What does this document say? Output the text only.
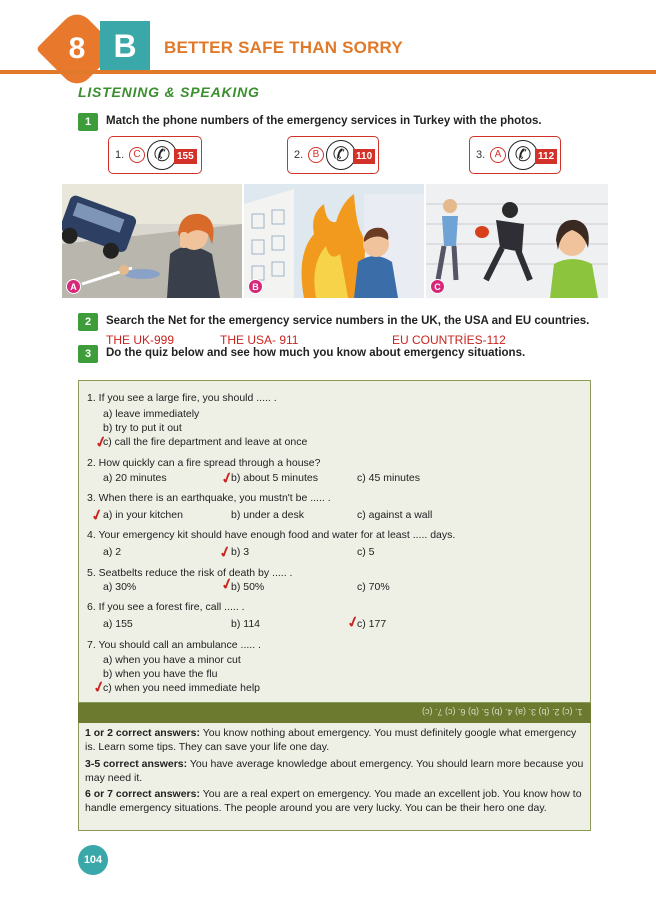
8 B	BETTER SAFE THAN SORRY
LISTENING & SPEAKING
1	Match the phone numbers of the emergency services in Turkey with the photos.
1. C ✆ 155	2. B ✆ 110	3. A ✆ 112
A	B	C
2	Search the Net for the emergency service numbers in the UK, the USA and EU countries.
THE UK-999	THE USA- 911	EU COUNTRİES-112
3	Do the quiz below and see how much you know about emergency situations.
1. If you see a large fire, you should ..... .
a) leave immediately
b) try to put it out
c) call the fire department and leave at once
✓
2. How quickly can a fire spread through a house?
a) 20 minutes	b) about 5 minutes	c) 45 minutes
✓
3. When there is an earthquake, you mustn't be ..... .
a) in your kitchen	b) under a desk	c) against a wall
✓
4. Your emergency kit should have enough food and water for at least ..... days.
a) 2	b) 3	c) 5
✓
5. Seatbelts reduce the risk of death by ..... .
a) 30%	b) 50%	c) 70%
✓
6. If you see a forest fire, call ..... .
a) 155	b) 114	c) 177
✓
7. You should call an ambulance ..... .
a) when you have a minor cut
b) when you have the flu
c) when you need immediate help
✓
1. (c) 2. (b) 3. (a) 4. (b) 5. (b) 6. (c) 7. (c)
1 or 2 correct answers: You know nothing about emergency. You must definitely google what emergency is. Learn some tips. They can save your life one day.
3-5 correct answers: You have average knowledge about emergency. You should learn more because you may need it.
6 or 7 correct answers: You are a real expert on emergency. You made an excellent job. You know how to handle emergency situations. The people around you are very lucky. You can be their hero one day.
104
